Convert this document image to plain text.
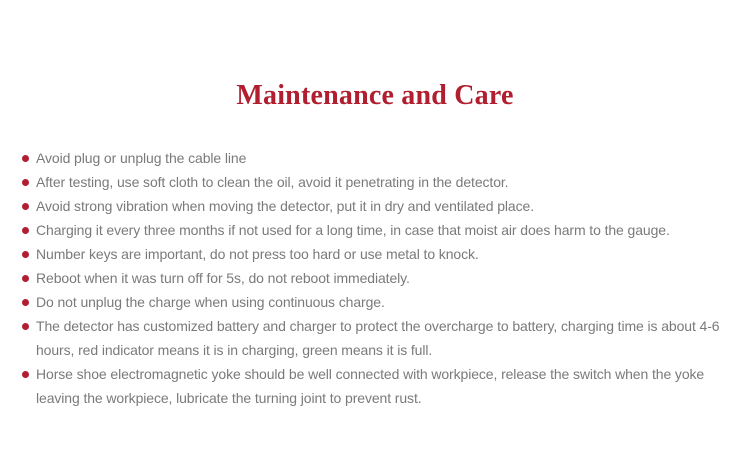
Maintenance and Care
Avoid plug or unplug the cable line
After testing, use soft cloth to clean the oil, avoid it penetrating in the detector.
Avoid strong vibration when moving the detector, put it in dry and ventilated place.
Charging it every three months if not used for a long time, in case that moist air does harm to the gauge.
Number keys are important, do not press too hard or use metal to knock.
Reboot when it was turn off for 5s, do not reboot immediately.
Do not unplug the charge when using continuous charge.
The detector has customized battery and charger to protect the overcharge to battery, charging time is about 4-6 hours, red indicator means it is in charging, green means it is full.
Horse shoe electromagnetic yoke should be well connected with workpiece, release the switch when the yoke leaving the workpiece, lubricate the turning joint to prevent rust.
